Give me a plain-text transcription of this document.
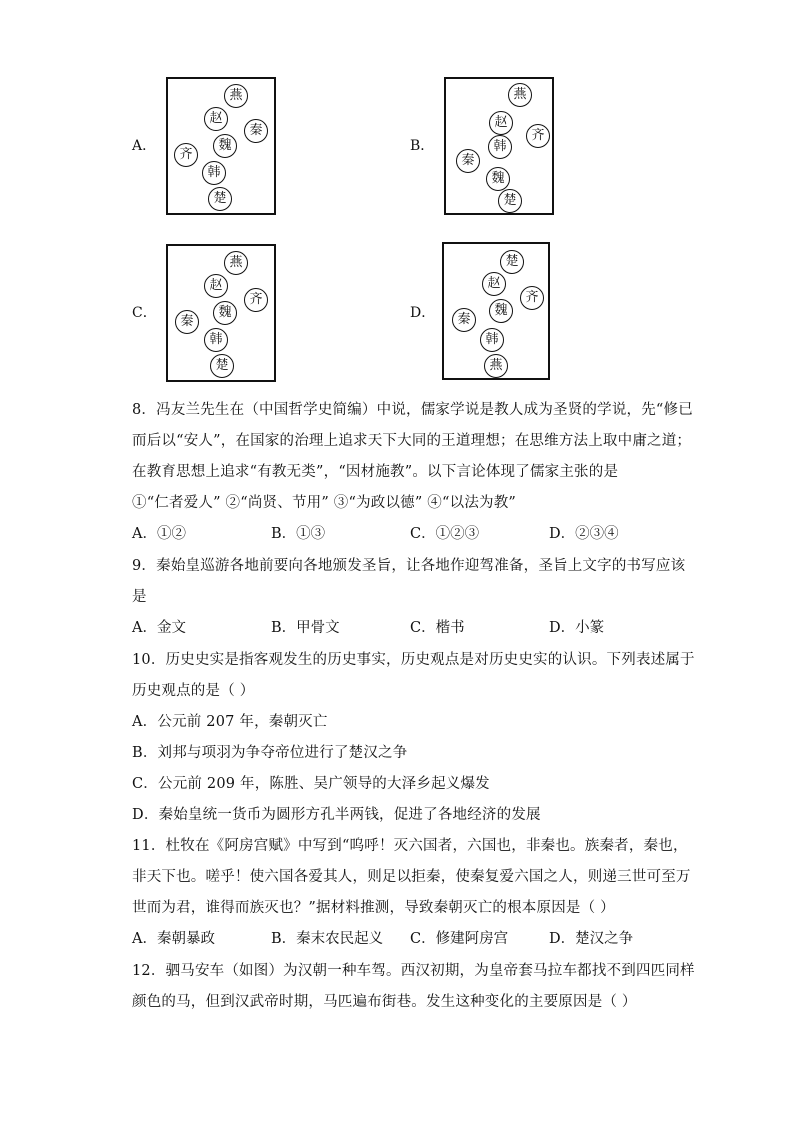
A．
燕
赵
秦
魏
齐
韩
楚
B．
燕
赵
齐
韩
秦
魏
楚
C．
燕
赵
齐
魏
秦
韩
楚
D．
楚
赵
齐
魏
秦
韩
燕
8．冯友兰先生在（中国哲学史简编）中说，儒家学说是教人成为圣贤的学说，先“修已
而后以“安人”，在国家的治理上追求天下大同的王道理想；在思维方法上取中庸之道；
在教育思想上追求“有教无类”，“因材施教”。以下言论体现了儒家主张的是
①“仁者爱人” ②“尚贤、节用” ③“为政以德” ④“以法为教”
A．①②	B．①③	C．①②③	D．②③④
9．秦始皇巡游各地前要向各地颁发圣旨，让各地作迎驾准备，圣旨上文字的书写应该
是
A．金文	B．甲骨文	C．楷书	D．小篆
10．历史史实是指客观发生的历史事实，历史观点是对历史史实的认识。下列表述属于
历史观点的是（ ）
A．公元前 207 年，秦朝灭亡
B．刘邦与项羽为争夺帝位进行了楚汉之争
C．公元前 209 年，陈胜、吴广领导的大泽乡起义爆发
D．秦始皇统一货币为圆形方孔半两钱，促进了各地经济的发展
11．杜牧在《阿房宫赋》中写到“呜呼！灭六国者，六国也，非秦也。族秦者，秦也，
非天下也。嗟乎！使六国各爱其人，则足以拒秦，使秦复爱六国之人，则递三世可至万
世而为君，谁得而族灭也？”据材料推测，导致秦朝灭亡的根本原因是（ ）
A．秦朝暴政	B．秦末农民起义 C．修建阿房宫	D．楚汉之争
12．驷马安车（如图）为汉朝一种车驾。西汉初期，为皇帝套马拉车都找不到四匹同样
颜色的马，但到汉武帝时期，马匹遍布街巷。发生这种变化的主要原因是（ ）
